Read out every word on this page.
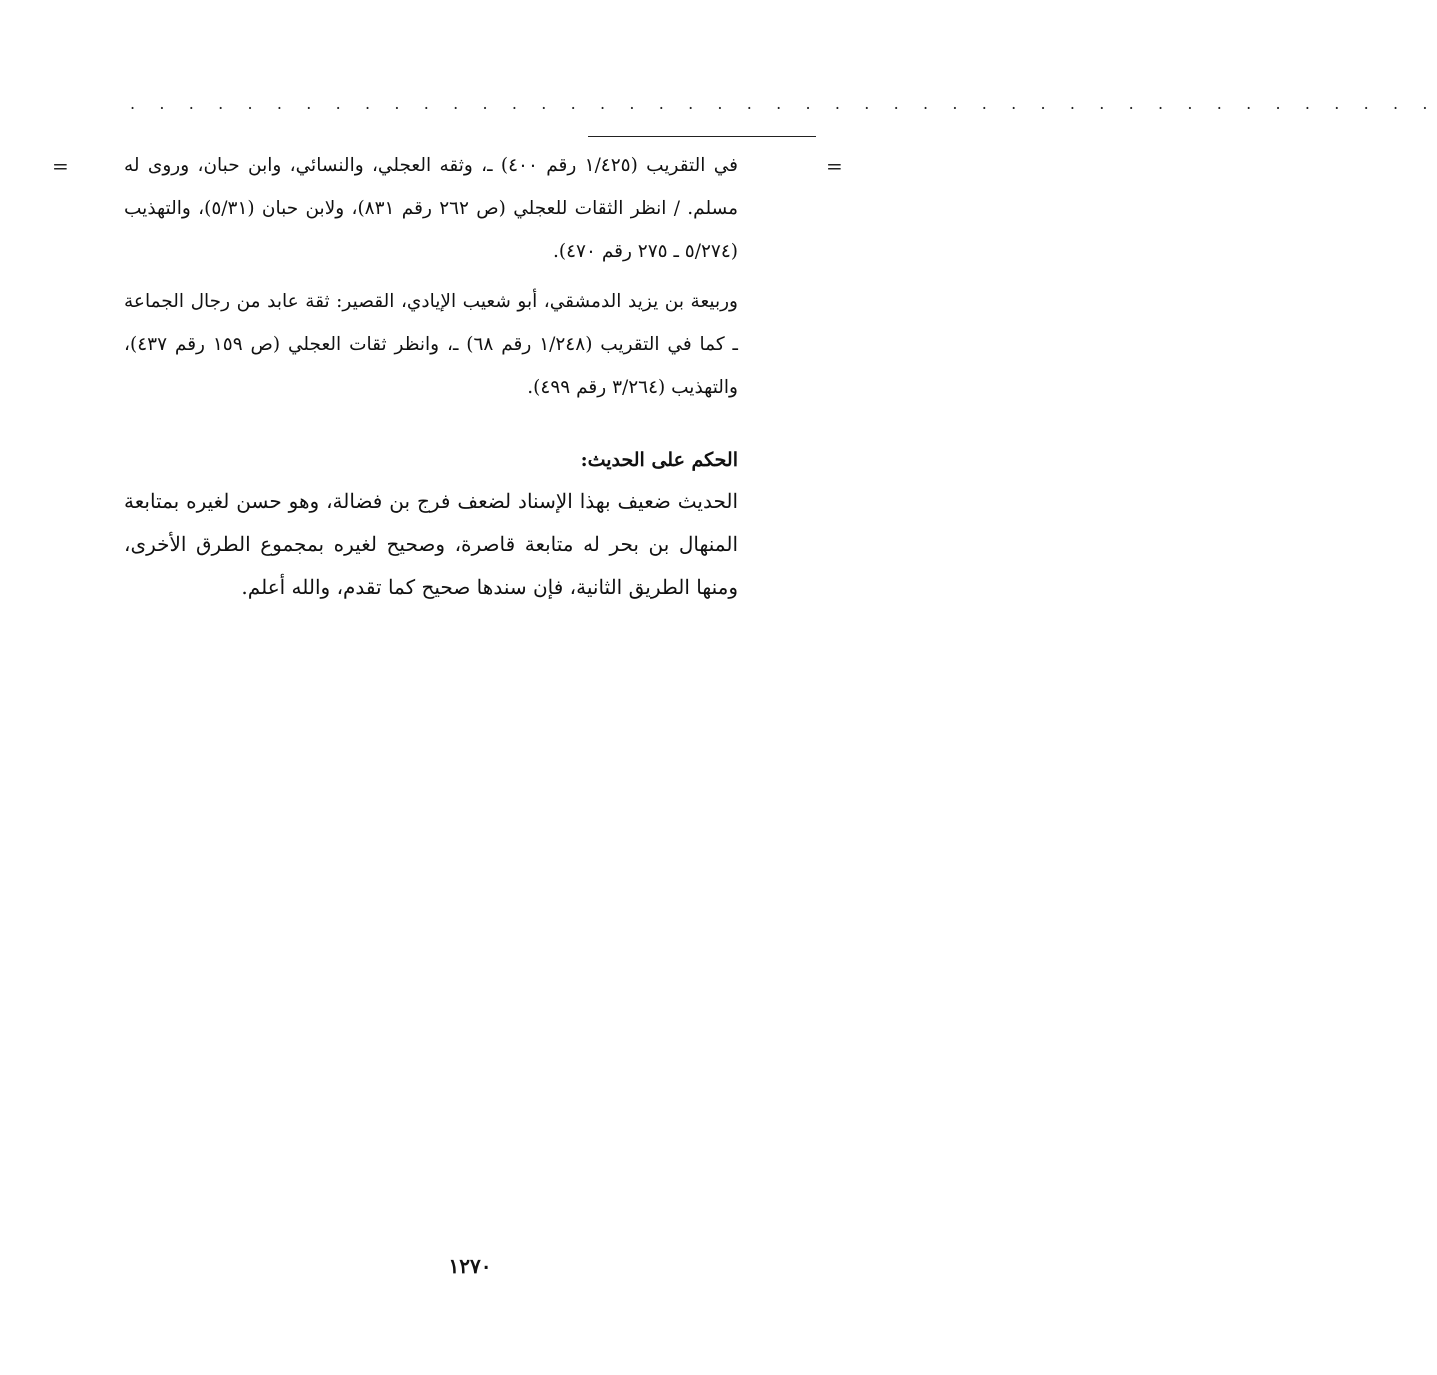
. . . . . . . . . . . . . . . . . . . . . . . . . . . . . . . . . . . . . . . . . . . . .
=	=

في التقريب (١/٤٢٥ رقم ٤٠٠) ـ، وثقه العجلي، والنسائي، وابن حبان، وروى له مسلم. / انظر الثقات للعجلي (ص ٢٦٢ رقم ٨٣١)، ولابن حبان (٥/٣١)، والتهذيب (٥/٢٧٤ ـ ٢٧٥ رقم ٤٧٠).

وربيعة بن يزيد الدمشقي، أبو شعيب الإيادي، القصير: ثقة عابد من رجال الجماعة ـ كما في التقريب (١/٢٤٨ رقم ٦٨) ـ، وانظر ثقات العجلي (ص ١٥٩ رقم ٤٣٧)، والتهذيب (٣/٢٦٤ رقم ٤٩٩).

الحكم على الحديث:

الحديث ضعيف بهذا الإسناد لضعف فرج بن فضالة، وهو حسن لغيره بمتابعة المنهال بن بحر له متابعة قاصرة، وصحيح لغيره بمجموع الطرق الأخرى، ومنها الطريق الثانية، فإن سندها صحيح كما تقدم، والله أعلم.

١٢٧٠
